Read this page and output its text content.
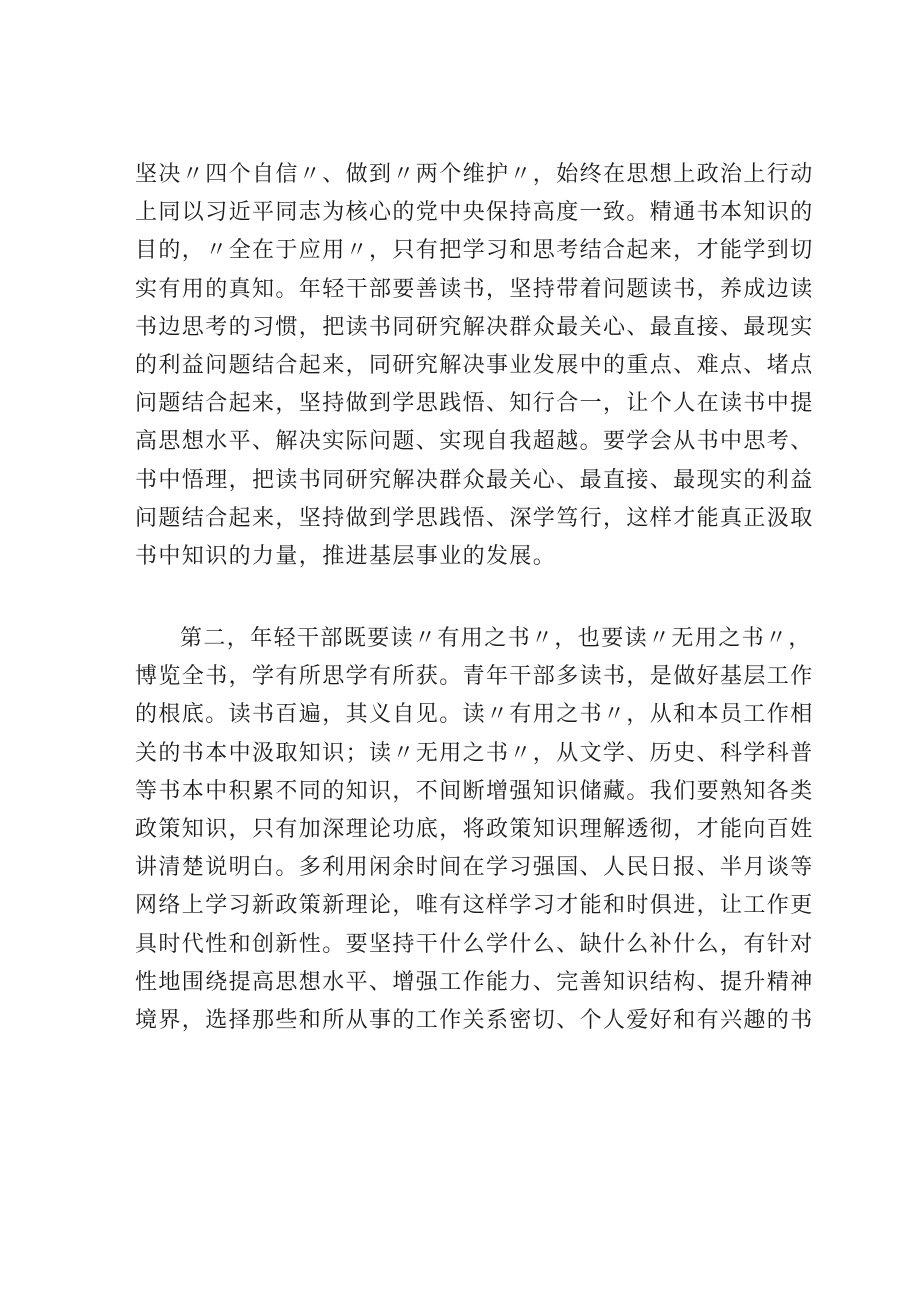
坚决〃四个自信〃、做到〃两个维护〃，始终在思想上政治上行动
上同以习近平同志为核心的党中央保持高度一致。精通书本知识的
目的，〃全在于应用〃，只有把学习和思考结合起来，才能学到切
实有用的真知。年轻干部要善读书，坚持带着问题读书，养成边读
书边思考的习惯，把读书同研究解决群众最关心、最直接、最现实
的利益问题结合起来，同研究解决事业发展中的重点、难点、堵点
问题结合起来，坚持做到学思践悟、知行合一，让个人在读书中提
高思想水平、解决实际问题、实现自我超越。要学会从书中思考、
书中悟理，把读书同研究解决群众最关心、最直接、最现实的利益
问题结合起来，坚持做到学思践悟、深学笃行，这样才能真正汲取
书中知识的力量，推进基层事业的发展。
第二，年轻干部既要读〃有用之书〃，也要读〃无用之书〃，
博览全书，学有所思学有所获。青年干部多读书，是做好基层工作
的根底。读书百遍，其义自见。读〃有用之书〃，从和本员工作相
关的书本中汲取知识；读〃无用之书〃，从文学、历史、科学科普
等书本中积累不同的知识，不间断增强知识储藏。我们要熟知各类
政策知识，只有加深理论功底，将政策知识理解透彻，才能向百姓
讲清楚说明白。多利用闲余时间在学习强国、人民日报、半月谈等
网络上学习新政策新理论，唯有这样学习才能和时俱进，让工作更
具时代性和创新性。要坚持干什么学什么、缺什么补什么，有针对
性地围绕提高思想水平、增强工作能力、完善知识结构、提升精神
境界，选择那些和所从事的工作关系密切、个人爱好和有兴趣的书
